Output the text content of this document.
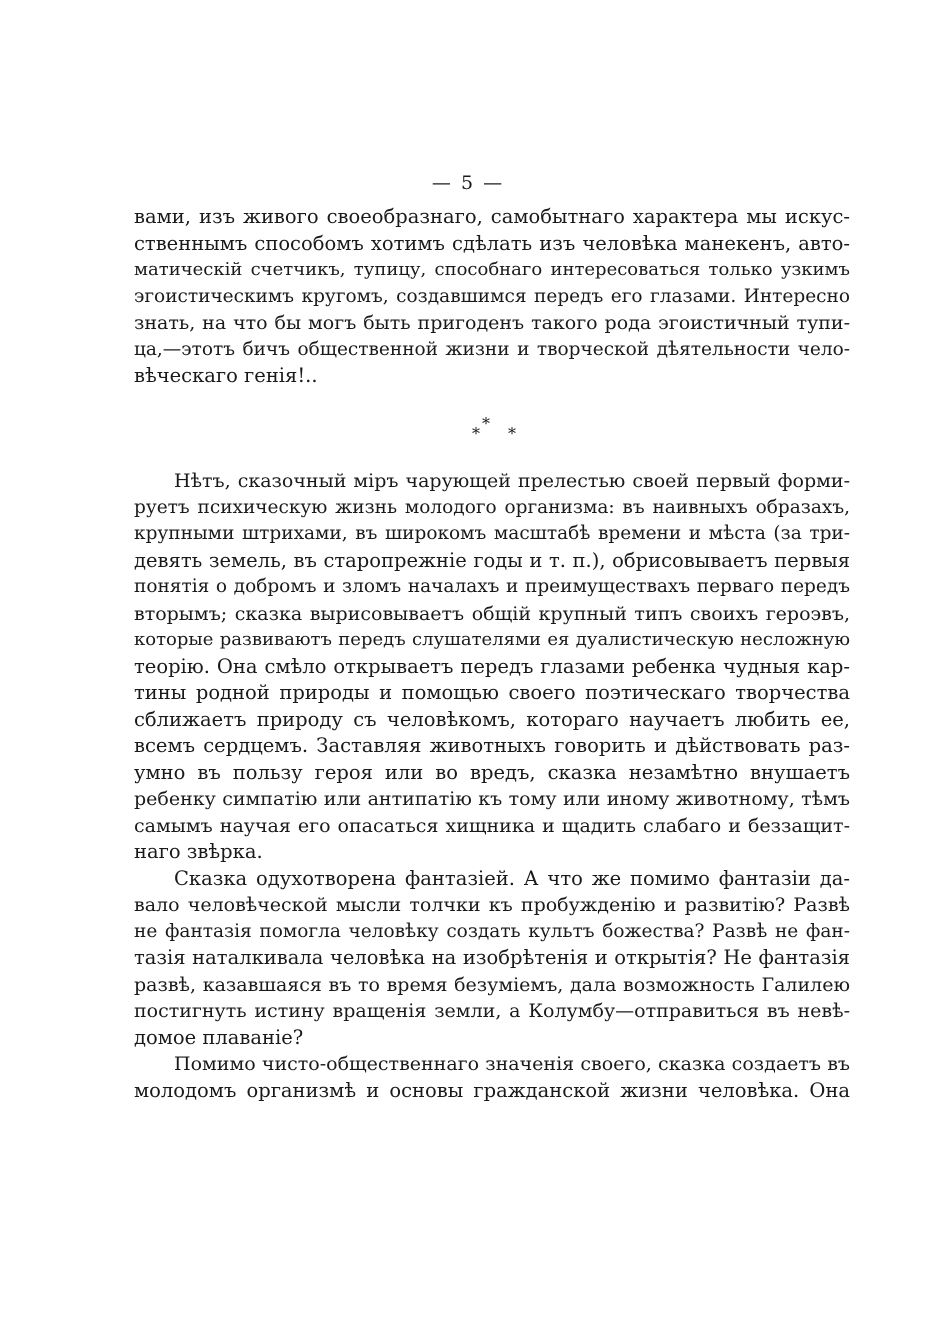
— 5 —
вами, изъ живого своеобразнаго, самобытнаго характера мы искус-
ственнымъ способомъ хотимъ сдѣлать изъ человѣка манекенъ, авто-
матическій счетчикъ, тупицу, способнаго интересоваться только узкимъ
эгоистическимъ кругомъ, создавшимся передъ его глазами. Интересно
знать, на что бы могъ быть пригоденъ такого рода эгоистичный тупи-
ца,—этотъ бичъ общественной жизни и творческой дѣятельности чело-
вѣческаго генія!..
*
* *
Нѣтъ, сказочный міръ чарующей прелестью своей первый форми-
руетъ психическую жизнь молодого организма: въ наивныхъ образахъ,
крупными штрихами, въ широкомъ масштабѣ времени и мѣста (за три-
девять земель, въ старопрежніе годы и т. п.), обрисовываетъ первыя
понятія о добромъ и зломъ началахъ и преимуществахъ перваго передъ
вторымъ; сказка вырисовываетъ общій крупный типъ своихъ героэвъ,
которые развиваютъ передъ слушателями ея дуалистическую несложную
теорію. Она смѣло открываетъ передъ глазами ребенка чудныя кар-
тины родной природы и помощью своего поэтическаго творчества
сближаетъ природу съ человѣкомъ, котораго научаетъ любить ее,
всемъ сердцемъ. Заставляя животныхъ говорить и дѣйствовать раз-
умно въ пользу героя или во вредъ, сказка незамѣтно внушаетъ
ребенку симпатію или антипатію къ тому или иному животному, тѣмъ
самымъ научая его опасаться хищника и щадить слабаго и беззащит-
наго звѣрка.
Сказка одухотворена фантазіей. А что же помимо фантазіи да-
вало человѣческой мысли толчки къ пробужденію и развитію? Развѣ
не фантазія помогла человѣку создать культъ божества? Развѣ не фан-
тазія наталкивала человѣка на изобрѣтенія и открытія? Не фантазія
развѣ, казавшаяся въ то время безуміемъ, дала возможность Галилею
постигнуть истину вращенія земли, а Колумбу—отправиться въ невѣ-
домое плаваніе?
Помимо чисто-общественнаго значенія своего, сказка создаетъ въ
молодомъ организмѣ и основы гражданской жизни человѣка. Она
